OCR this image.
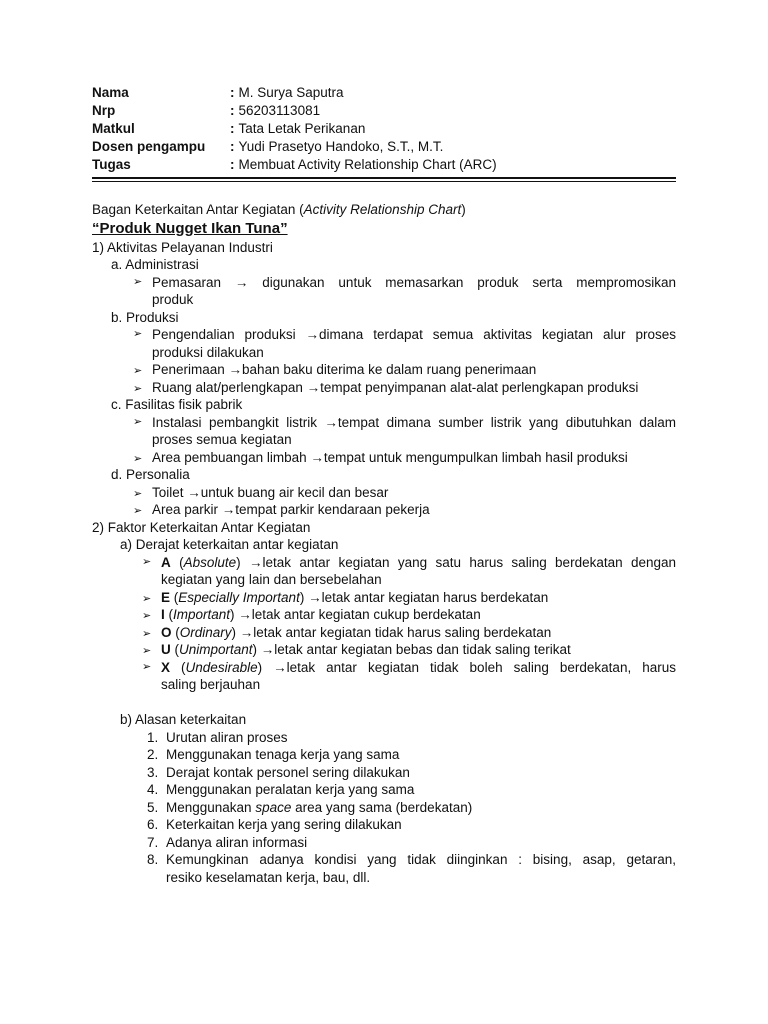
Nama	: M. Surya Saputra
Nrp	: 56203113081
Matkul	: Tata Letak Perikanan
Dosen pengampu	: Yudi Prasetyo Handoko, S.T., M.T.
Tugas	: Membuat Activity Relationship Chart (ARC)
Bagan Keterkaitan Antar Kegiatan (Activity Relationship Chart)
“Produk Nugget Ikan Tuna”
1) Aktivitas Pelayanan Industri
a. Administrasi
➢ Pemasaran → digunakan untuk memasarkan produk serta mempromosikan
produk
b. Produksi
➢ Pengendalian produksi →dimana terdapat semua aktivitas kegiatan alur proses
produksi dilakukan
➢ Penerimaan →bahan baku diterima ke dalam ruang penerimaan
➢ Ruang alat/perlengkapan →tempat penyimpanan alat-alat perlengkapan produksi
c. Fasilitas fisik pabrik
➢ Instalasi pembangkit listrik →tempat dimana sumber listrik yang dibutuhkan dalam
proses semua kegiatan
➢ Area pembuangan limbah →tempat untuk mengumpulkan limbah hasil produksi
d. Personalia
➢ Toilet →untuk buang air kecil dan besar
➢ Area parkir →tempat parkir kendaraan pekerja
2) Faktor Keterkaitan Antar Kegiatan
a) Derajat keterkaitan antar kegiatan
➢ A (Absolute) →letak antar kegiatan yang satu harus saling berdekatan dengan
kegiatan yang lain dan bersebelahan
➢ E (Especially Important) →letak antar kegiatan harus berdekatan
➢ I (Important) →letak antar kegiatan cukup berdekatan
➢ O (Ordinary) →letak antar kegiatan tidak harus saling berdekatan
➢ U (Unimportant) →letak antar kegiatan bebas dan tidak saling terikat
➢ X (Undesirable) →letak antar kegiatan tidak boleh saling berdekatan, harus
saling berjauhan
b) Alasan keterkaitan
1. Urutan aliran proses
2. Menggunakan tenaga kerja yang sama
3. Derajat kontak personel sering dilakukan
4. Menggunakan peralatan kerja yang sama
5. Menggunakan space area yang sama (berdekatan)
6. Keterkaitan kerja yang sering dilakukan
7. Adanya aliran informasi
8. Kemungkinan adanya kondisi yang tidak diinginkan : bising, asap, getaran,
resiko keselamatan kerja, bau, dll.
